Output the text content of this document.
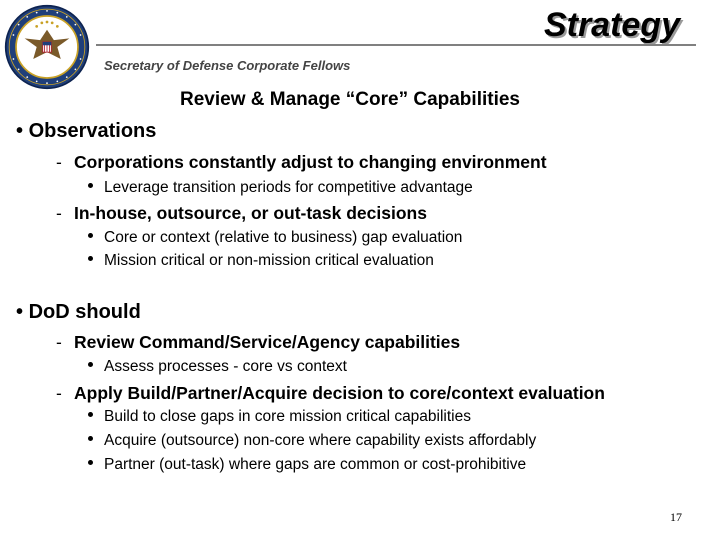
Strategy
Secretary of Defense Corporate Fellows
Review & Manage “Core” Capabilities
• Observations
- Corporations constantly adjust to changing environment
Leverage transition periods for competitive advantage
- In-house, outsource, or out-task decisions
Core or context (relative to business) gap evaluation
Mission critical or non-mission critical evaluation
• DoD should
- Review Command/Service/Agency capabilities
Assess processes - core vs context
- Apply Build/Partner/Acquire decision to core/context evaluation
Build to close gaps in core mission critical capabilities
Acquire (outsource) non-core where capability exists affordably
Partner (out-task) where gaps are common or cost-prohibitive
17
